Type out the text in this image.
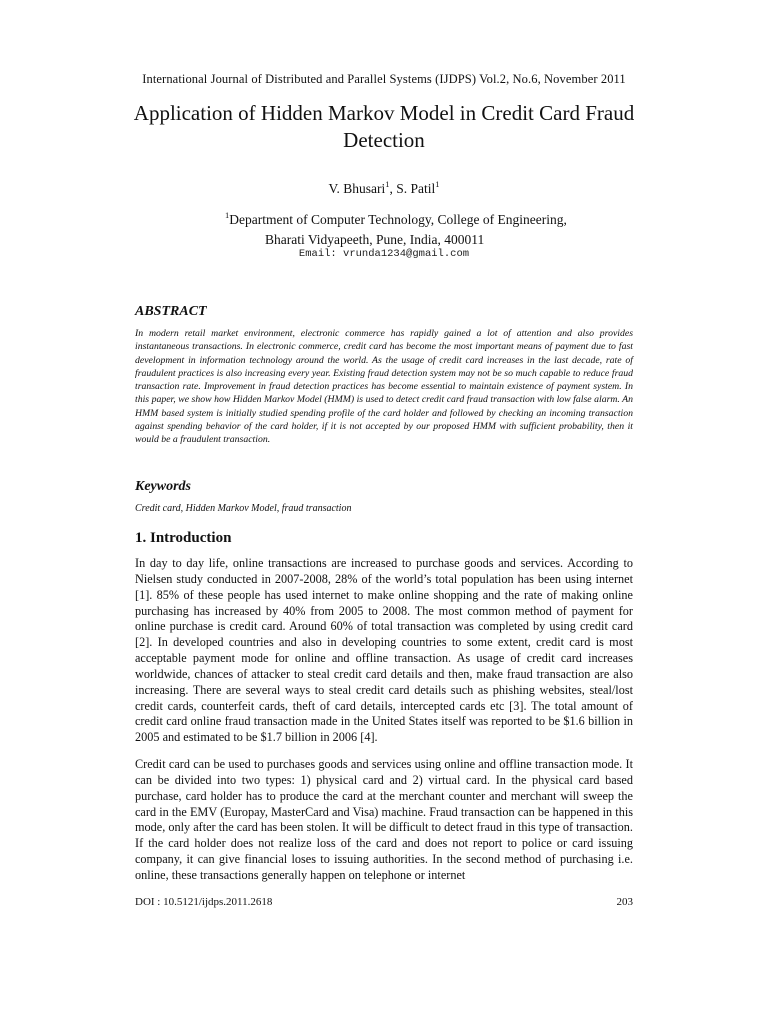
International Journal of Distributed and Parallel Systems (IJDPS) Vol.2, No.6, November 2011
Application of Hidden Markov Model in Credit Card Fraud Detection
V. Bhusari$^1$, S. Patil$^1$
$^1$Department of Computer Technology, College of Engineering,
Bharati Vidyapeeth, Pune, India, 400011
Email: vrunda1234@gmail.com
ABSTRACT

In modern retail market environment, electronic commerce has rapidly gained a lot of attention and also provides instantaneous transactions. In electronic commerce, credit card has become the most important means of payment due to fast development in information technology around the world. As the usage of credit card increases in the last decade, rate of fraudulent practices is also increasing every year. Existing fraud detection system may not be so much capable to reduce fraud transaction rate. Improvement in fraud detection practices has become essential to maintain existence of payment system. In this paper, we show how Hidden Markov Model (HMM) is used to detect credit card fraud transaction with low false alarm. An HMM based system is initially studied spending profile of the card holder and followed by checking an incoming transaction against spending behavior of the card holder, if it is not accepted by our proposed HMM with sufficient probability, then it would be a fraudulent transaction.

Keywords

Credit card, Hidden Markov Model, fraud transaction

1. Introduction

In day to day life, online transactions are increased to purchase goods and services. According to Nielsen study conducted in 2007-2008, 28% of the world’s total population has been using internet [1]. 85% of these people has used internet to make online shopping and the rate of making online purchasing has increased by 40% from 2005 to 2008. The most common method of payment for online purchase is credit card. Around 60% of total transaction was completed by using credit card [2]. In developed countries and also in developing countries to some extent, credit card is most acceptable payment mode for online and offline transaction. As usage of credit card increases worldwide, chances of attacker to steal credit card details and then, make fraud transaction are also increasing. There are several ways to steal credit card details such as phishing websites, steal/lost credit cards, counterfeit cards, theft of card details, intercepted cards etc [3]. The total amount of credit card online fraud transaction made in the United States itself was reported to be $1.6 billion in 2005 and estimated to be $1.7 billion in 2006 [4].

Credit card can be used to purchases goods and services using online and offline transaction mode. It can be divided into two types: 1) physical card and 2) virtual card. In the physical card based purchase, card holder has to produce the card at the merchant counter and merchant will sweep the card in the EMV (Europay, MasterCard and Visa) machine. Fraud transaction can be happened in this mode, only after the card has been stolen. It will be difficult to detect fraud in this type of transaction. If the card holder does not realize loss of the card and does not report to police or card issuing company, it can give financial loses to issuing authorities. In the second method of purchasing i.e. online, these transactions generally happen on telephone or internet

DOI : 10.5121/ijdps.2011.2618	203
